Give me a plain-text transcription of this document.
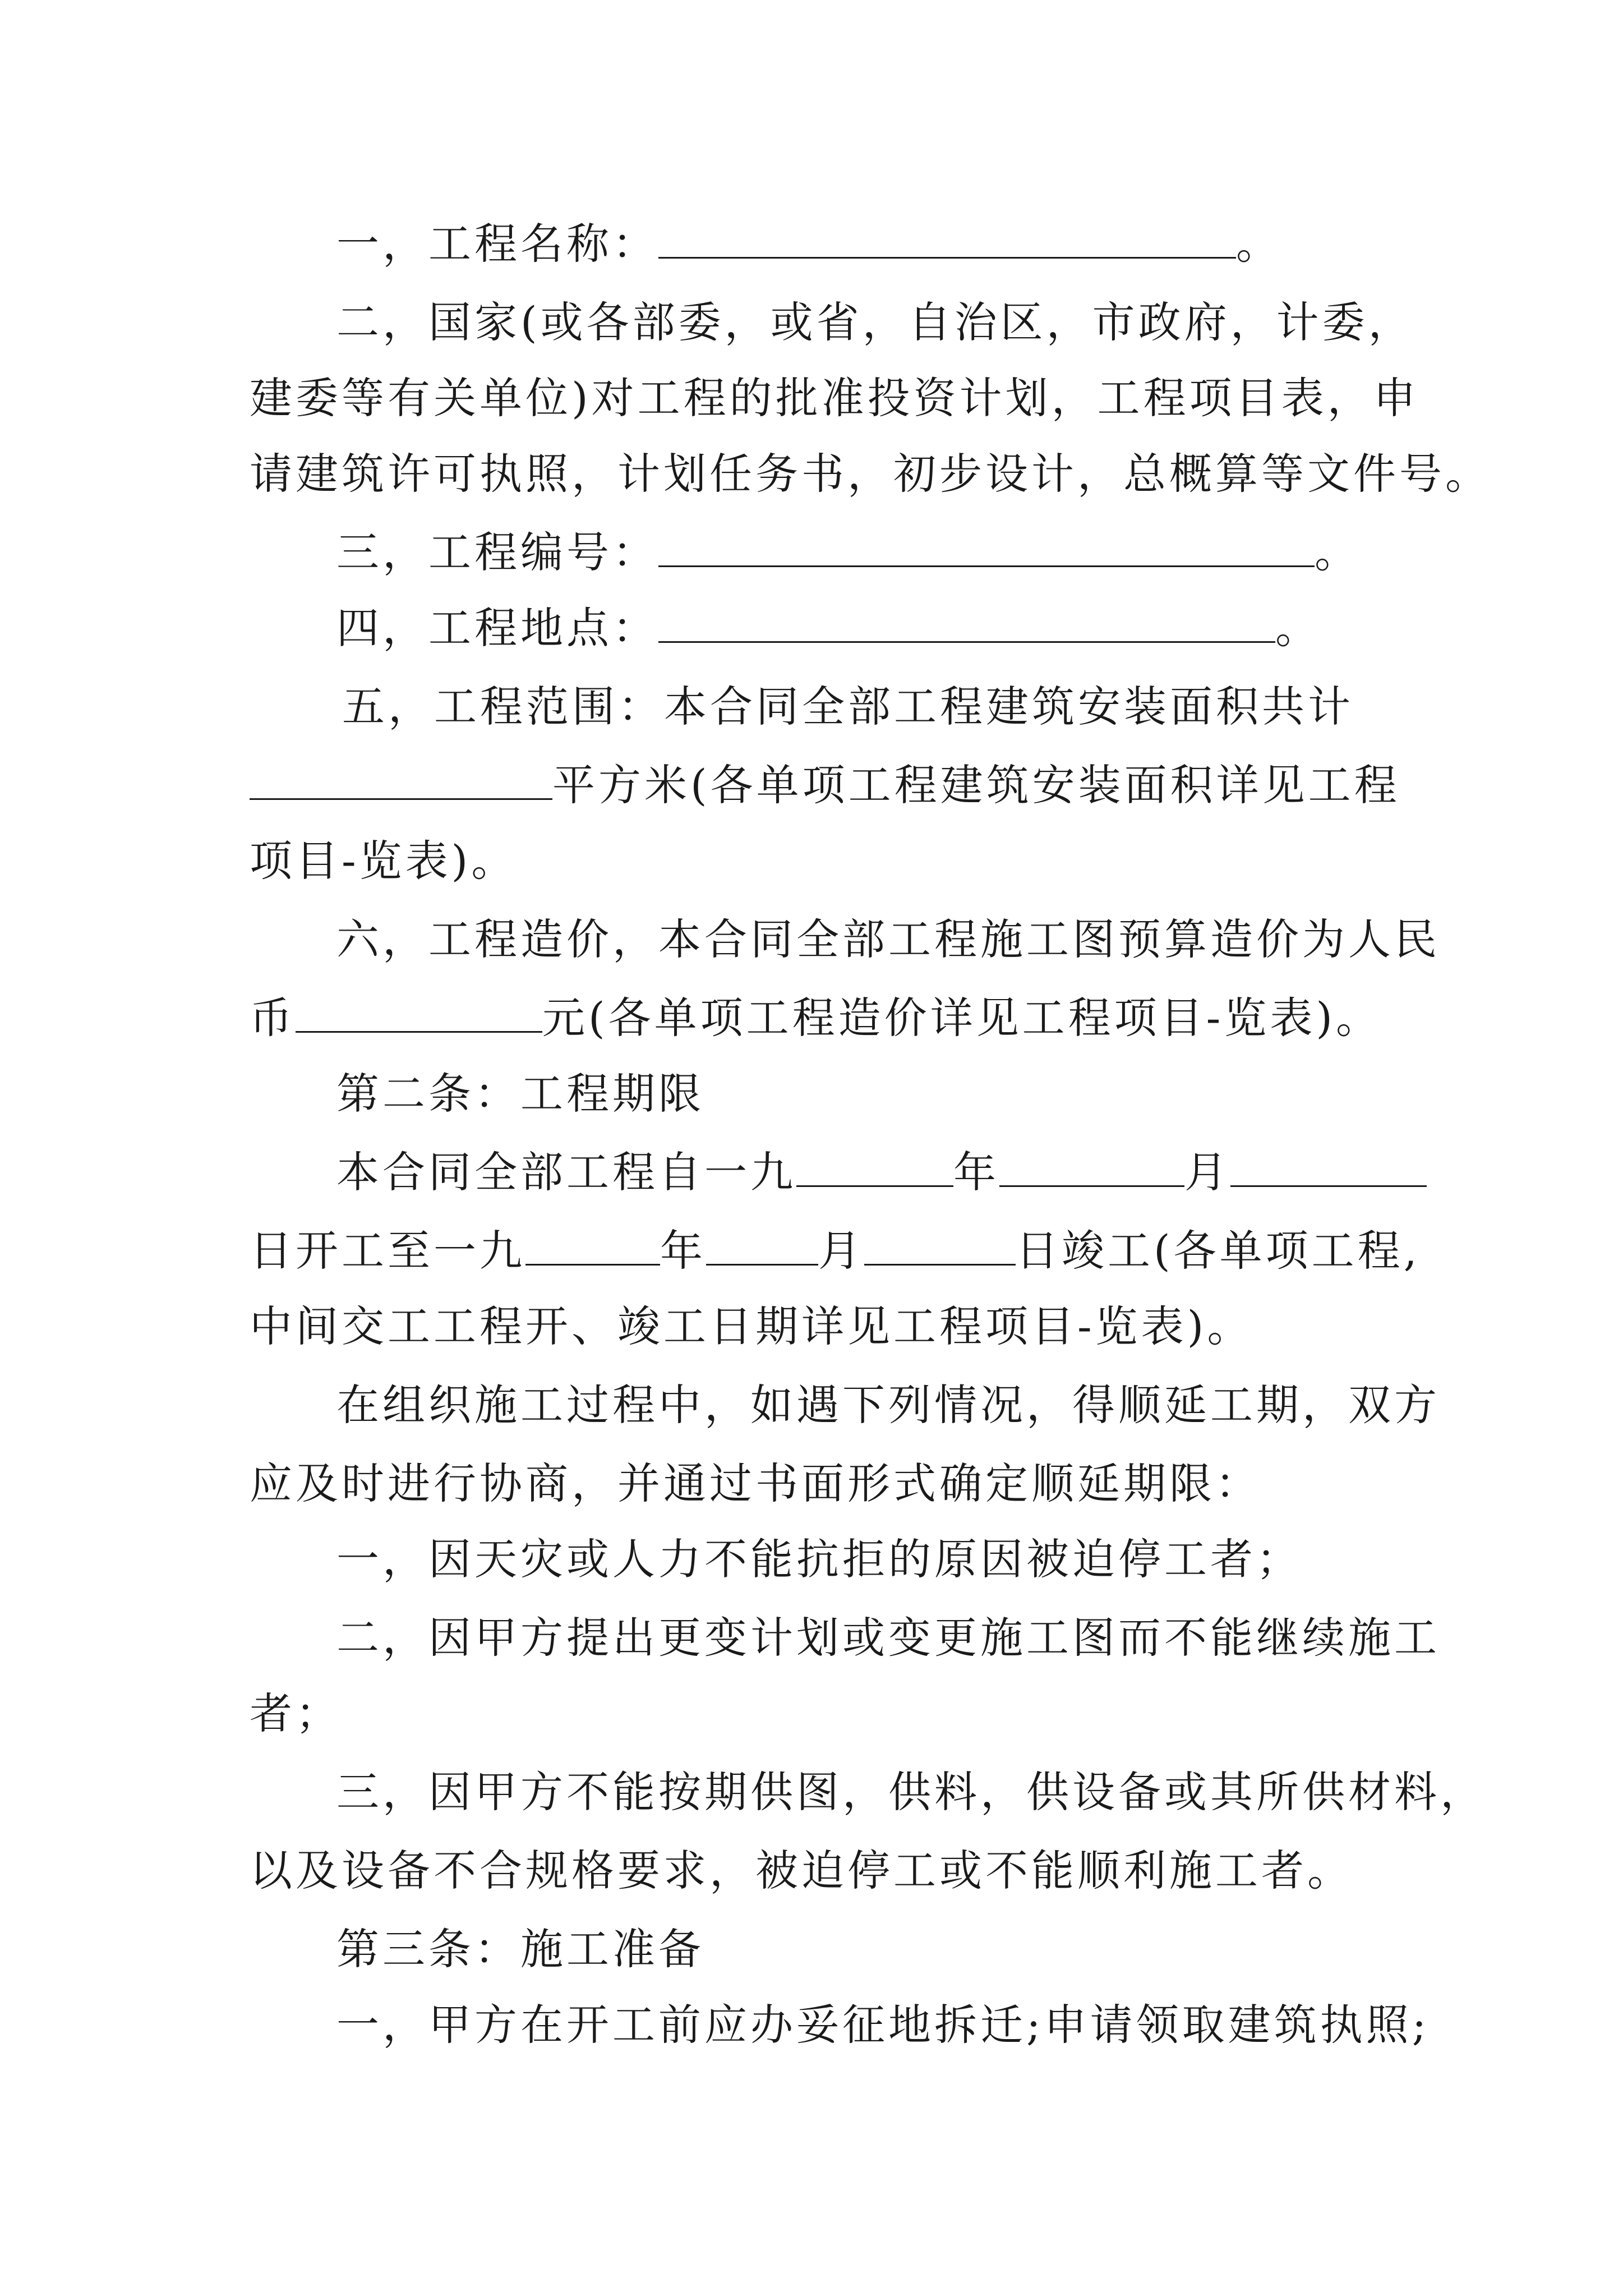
一，工程名称：	。
二，国家(或各部委，或省，自治区，市政府，计委，
建委等有关单位)对工程的批准投资计划，工程项目表，申
请建筑许可执照，计划任务书，初步设计，总概算等文件号。
三，工程编号：	。
四，工程地点：	。
五，工程范围：本合同全部工程建筑安装面积共计
平方米(各单项工程建筑安装面积详见工程
项目-览表)。
六，工程造价，本合同全部工程施工图预算造价为人民
币	元(各单项工程造价详见工程项目-览表)。
第二条：工程期限
本合同全部工程自一九	年	月
日开工至一九	年	月	日竣工(各单项工程,
中间交工工程开、竣工日期详见工程项目-览表)。
在组织施工过程中，如遇下列情况，得顺延工期，双方
应及时进行协商，并通过书面形式确定顺延期限：
一，因天灾或人力不能抗拒的原因被迫停工者；
二，因甲方提出更变计划或变更施工图而不能继续施工
者；
三，因甲方不能按期供图，供料，供设备或其所供材料，
以及设备不合规格要求，被迫停工或不能顺利施工者。
第三条：施工准备
一，甲方在开工前应办妥征地拆迁;申请领取建筑执照;
